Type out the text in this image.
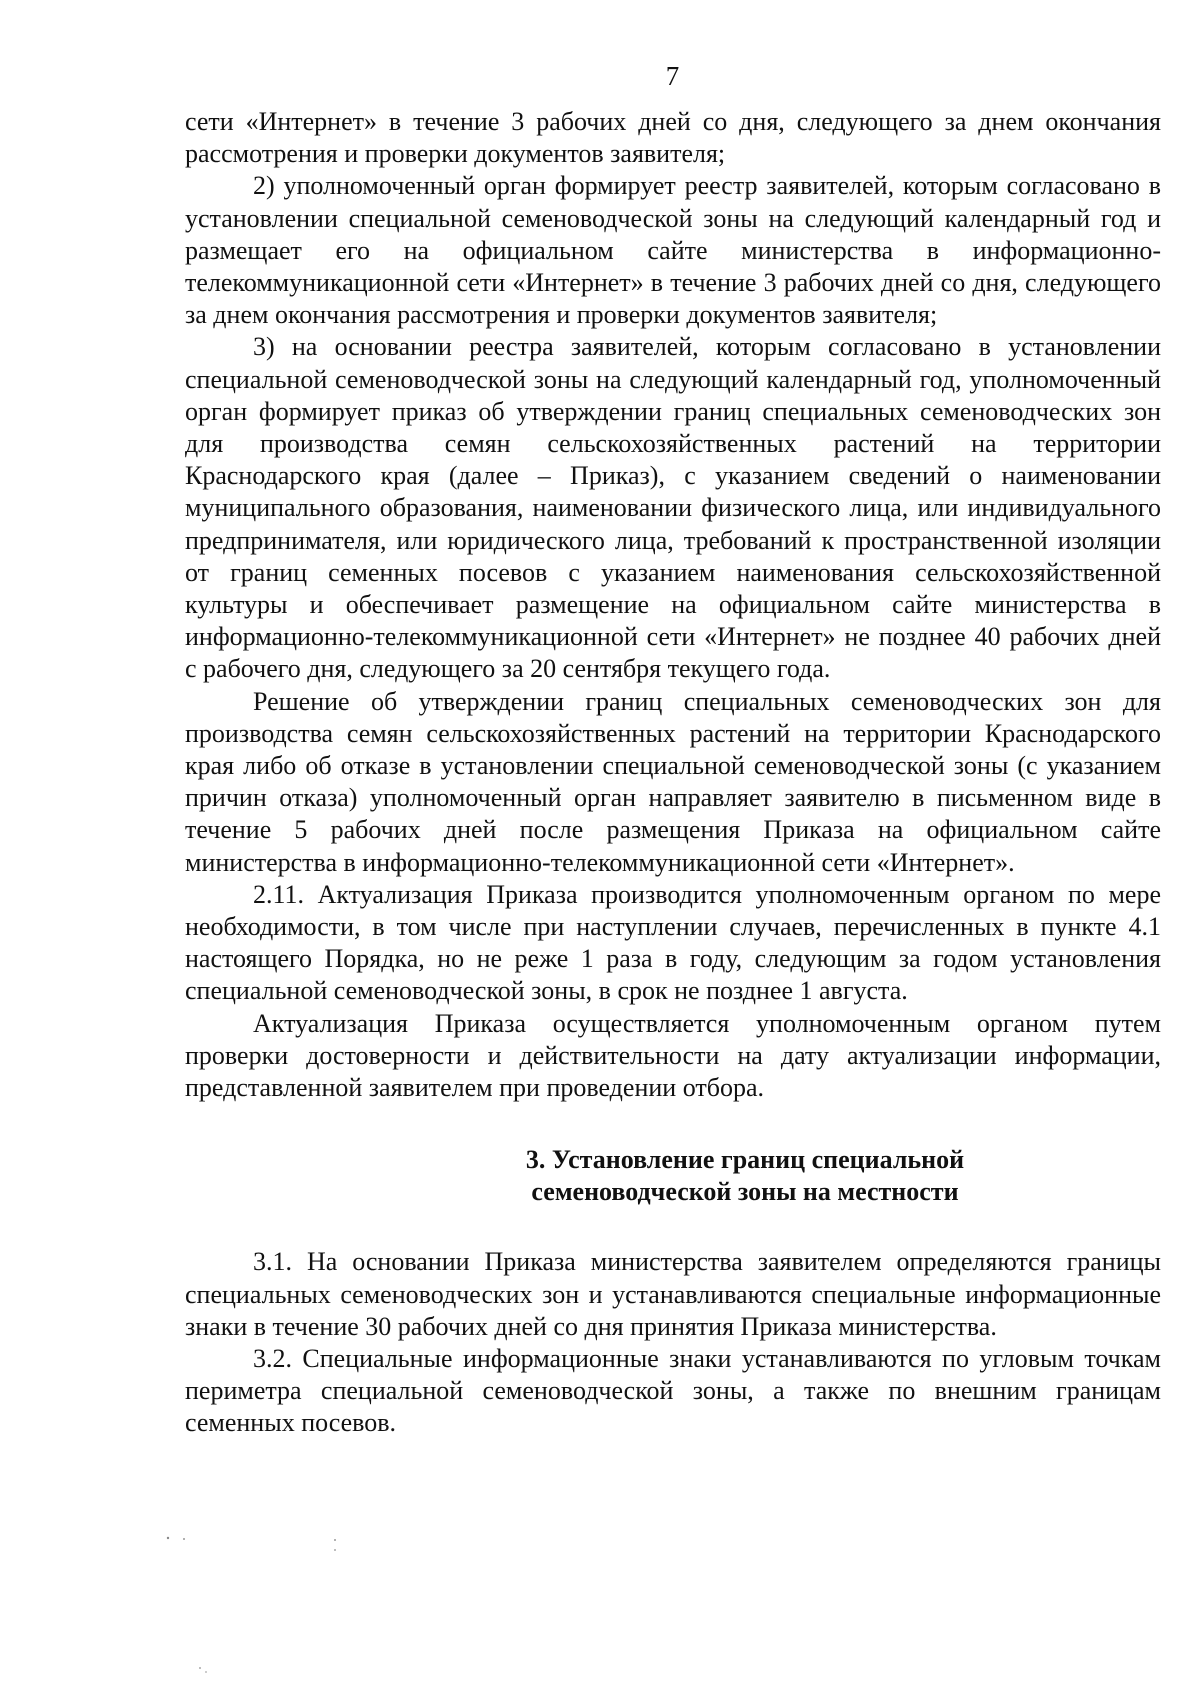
7

сети «Интернет» в течение 3 рабочих дней со дня, следующего за днем окончания рассмотрения и проверки документов заявителя;

2) уполномоченный орган формирует реестр заявителей, которым согласовано в установлении специальной семеноводческой зоны на следующий календарный год и размещает его на официальном сайте министерства в информационно-телекоммуникационной сети «Интернет» в течение 3 рабочих дней со дня, следующего за днем окончания рассмотрения и проверки документов заявителя;

3) на основании реестра заявителей, которым согласовано в установлении специальной семеноводческой зоны на следующий календарный год, уполномоченный орган формирует приказ об утверждении границ специальных семеноводческих зон для производства семян сельскохозяйственных растений на территории Краснодарского края (далее – Приказ), с указанием сведений о наименовании муниципального образования, наименовании физического лица, или индивидуального предпринимателя, или юридического лица, требований к пространственной изоляции от границ семенных посевов с указанием наименования сельскохозяйственной культуры и обеспечивает размещение на официальном сайте министерства в информационно-телекоммуникационной сети «Интернет» не позднее 40 рабочих дней с рабочего дня, следующего за 20 сентября текущего года.

Решение об утверждении границ специальных семеноводческих зон для производства семян сельскохозяйственных растений на территории Краснодарского края либо об отказе в установлении специальной семеноводческой зоны (с указанием причин отказа) уполномоченный орган направляет заявителю в письменном виде в течение 5 рабочих дней после размещения Приказа на официальном сайте министерства в информационно-телекоммуникационной сети «Интернет».

2.11. Актуализация Приказа производится уполномоченным органом по мере необходимости, в том числе при наступлении случаев, перечисленных в пункте 4.1 настоящего Порядка, но не реже 1 раза в году, следующим за годом установления специальной семеноводческой зоны, в срок не позднее 1 августа.

Актуализация Приказа осуществляется уполномоченным органом путем проверки достоверности и действительности на дату актуализации информации, представленной заявителем при проведении отбора.

3. Установление границ специальной
семеноводческой зоны на местности

3.1. На основании Приказа министерства заявителем определяются границы специальных семеноводческих зон и устанавливаются специальные информационные знаки в течение 30 рабочих дней со дня принятия Приказа министерства.

3.2. Специальные информационные знаки устанавливаются по угловым точкам периметра специальной семеноводческой зоны, а также по внешним границам семенных посевов.
